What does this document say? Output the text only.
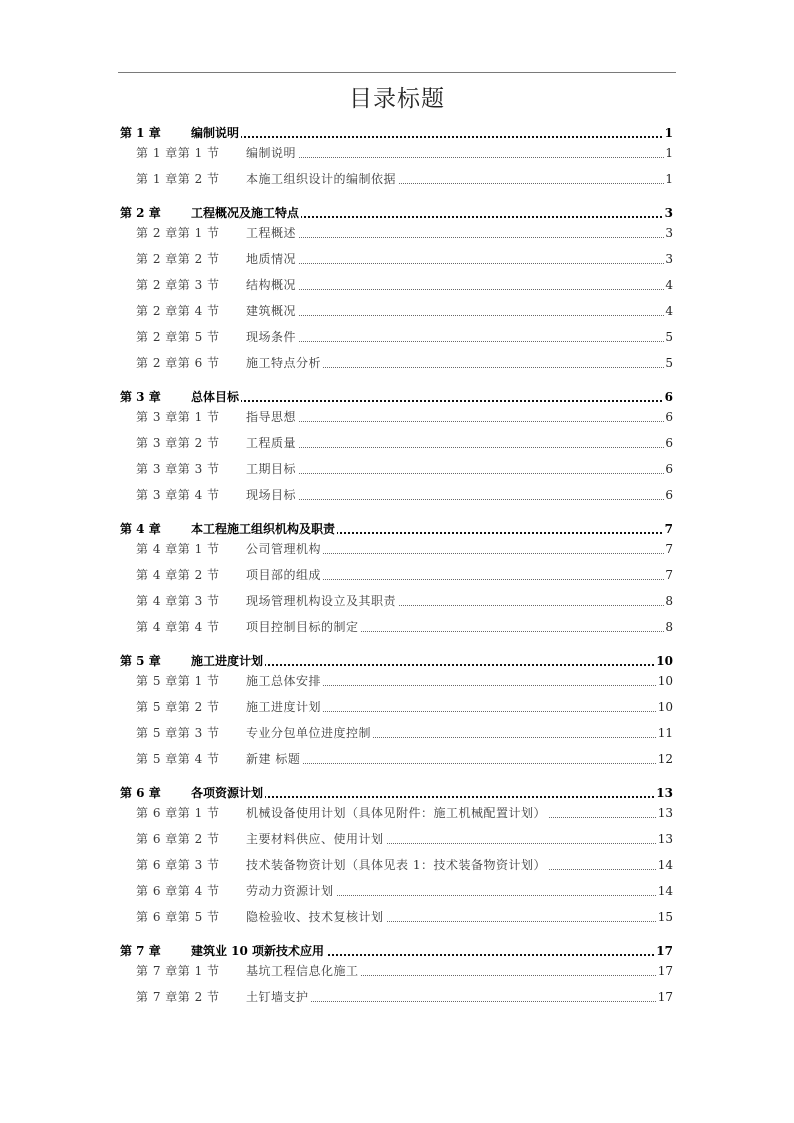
目录标题
第 1 章	编制说明	1
第 1 章第 1 节 编制说明	1
第 1 章第 2 节 本施工组织设计的编制依据	1
第 2 章	工程概况及施工特点	3
第 2 章第 1 节 工程概述	3
第 2 章第 2 节 地质情况	3
第 2 章第 3 节 结构概况	4
第 2 章第 4 节 建筑概况	4
第 2 章第 5 节 现场条件	5
第 2 章第 6 节 施工特点分析	5
第 3 章	总体目标	6
第 3 章第 1 节 指导思想	6
第 3 章第 2 节 工程质量	6
第 3 章第 3 节 工期目标	6
第 3 章第 4 节 现场目标	6
第 4 章	本工程施工组织机构及职责	7
第 4 章第 1 节 公司管理机构	7
第 4 章第 2 节 项目部的组成	7
第 4 章第 3 节 现场管理机构设立及其职责	8
第 4 章第 4 节 项目控制目标的制定	8
第 5 章	施工进度计划	10
第 5 章第 1 节 施工总体安排	10
第 5 章第 2 节 施工进度计划	10
第 5 章第 3 节 专业分包单位进度控制	11
第 5 章第 4 节 新建 标题	12
第 6 章	各项资源计划	13
第 6 章第 1 节 机械设备使用计划（具体见附件：施工机械配置计划）	13
第 6 章第 2 节 主要材料供应、使用计划	13
第 6 章第 3 节 技术装备物资计划（具体见表 1：技术装备物资计划）	14
第 6 章第 4 节 劳动力资源计划	14
第 6 章第 5 节 隐检验收、技术复核计划	15
第 7 章	建筑业 10 项新技术应用	17
第 7 章第 1 节 基坑工程信息化施工	17
第 7 章第 2 节 土钉墙支护	17
